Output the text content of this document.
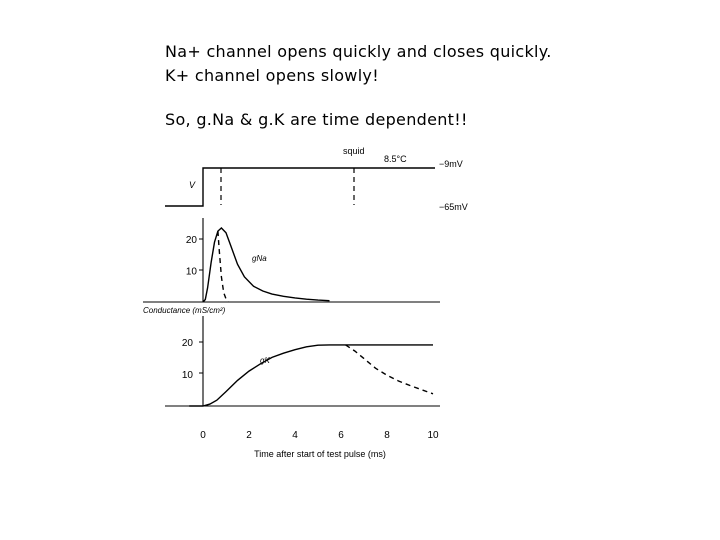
Na+ channel opens quickly and closes quickly.
K+ channel opens slowly!
So, g.Na & g.K are time dependent!!
squid
8.5°C
V
−9mV
−65mV
10
20
10
20
0	2	4	6	8	10
Conductance (mS/cm²)
Time after start of test pulse (ms)
gNa
gK
